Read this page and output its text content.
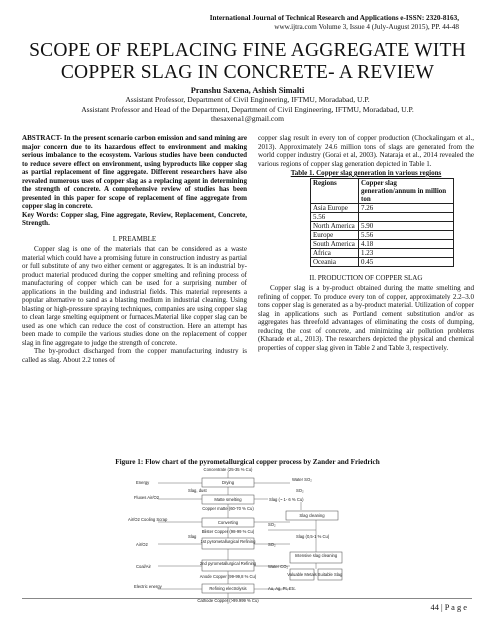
International Journal of Technical Research and Applications e-ISSN: 2320-8163,
www.ijtra.com Volume 3, Issue 4 (July-August 2015), PP. 44-48
SCOPE OF REPLACING FINE AGGREGATE WITH
COPPER SLAG IN CONCRETE- A REVIEW
Pranshu Saxena, Ashish Simalti
Assistant Professor, Department of Civil Engineering, IFTMU, Moradabad, U.P.
Assistant Professor and Head of the Department, Department of Civil Engineering, IFTMU, Moradabad, U.P.
thesaxena1@gmail.com
ABSTRACT- In the present scenario carbon emission and sand mining are major concern due to its hazardous effect to environment and making serious imbalance to the ecosystem. Various studies have been conducted to reduce severe effect on environment, using byproducts like copper slag as partial replacement of fine aggregate. Different researchers have also revealed numerous uses of copper slag as a replacing agent in determining the strength of concrete. A comprehensive review of studies has been presented in this paper for scope of replacement of fine aggregate from copper slag in concrete.
Key Words: Copper slag, Fine aggregate, Review, Replacement, Concrete, Strength.
I. PREAMBLE

Copper slag is one of the materials that can be considered as a waste material which could have a promising future in construction industry as partial or full substitute of any two either cement or aggregates. It is an industrial by-product material produced during the copper smelting and refining process of manufacturing of copper which can be used for a surprising number of applications in the building and industrial fields. This material represents a popular alternative to sand as a blasting medium in industrial cleaning. Using blasting or high-pressure spraying techniques, companies are using copper slag to clean large smelting equipment or furnaces.Material like copper slag can be used as one which can reduce the cost of construction. Here an attempt has been made to compile the various studies done on the replacement of copper slag in fine aggregate to judge the strength of concrete.

The by-product discharged from the copper manufacturing industry is called as slag. About 2.2 tones of

copper slag result in every ton of copper production (Chockalingam et al., 2013). Approximately 24.6 million tons of slags are generated from the world copper industry (Gorai et al, 2003). Nataraja et al., 2014 revealed the various regions of copper slag generation depicted in Table 1.

Table 1. Copper slag generation in various regions
Regions	Copper slag generation/annum in million ton
Asia Europe	7.26
5.56	
North America	5.90
Europe	5.56
South America	4.18
Africa	1.23
Oceania	0.45
II. PRODUCTION OF COPPER SLAG

Copper slag is a by-product obtained during the matte smelting and refining of copper. To produce every ton of copper, approximately 2.2–3.0 tons copper slag is generated as a by-product material. Utilization of copper slag in applications such as Portland cement substitution and/or as aggregates has threefold advantages of eliminating the costs of dumping, reducing the cost of concrete, and minimizing air pollution problems (Kharade et al., 2013). The researchers depicted the physical and chemical properties of copper slag given in Table 2 and Table 3, respectively.

Figure 1: Flow chart of the pyrometallurgical copper process by Zander and Friedrich
Concentrate (25-35 % Cu)
Energy	Drying
Water SO₂
Slag, dust	SO₂
Fluxes Air/O2	Matte smelting	Slag (~ 1- 6 % Cu)
Copper matte (60-70 % Cu)
Slag cleaning
Air/O2 Cooling Scrap
Converting	SO₂
Blister Copper (98-99 % Cu)
Slag	Slag (0,5-1 % Cu)
Air/O2
1st pyrometallurgical Refining
SO₂
Intensive slag cleaning
Coal/Air
2nd pyrometallurgical Refining
Water CO₂
Valuable Metals Suitable Slag
Anode Copper (99-99,8 % Cu)
Electric energy	Refining electrolysis	Au, Ag, Pt, Etc.
Cathode Copper (>99.999 % Cu)
44 | P a g e
